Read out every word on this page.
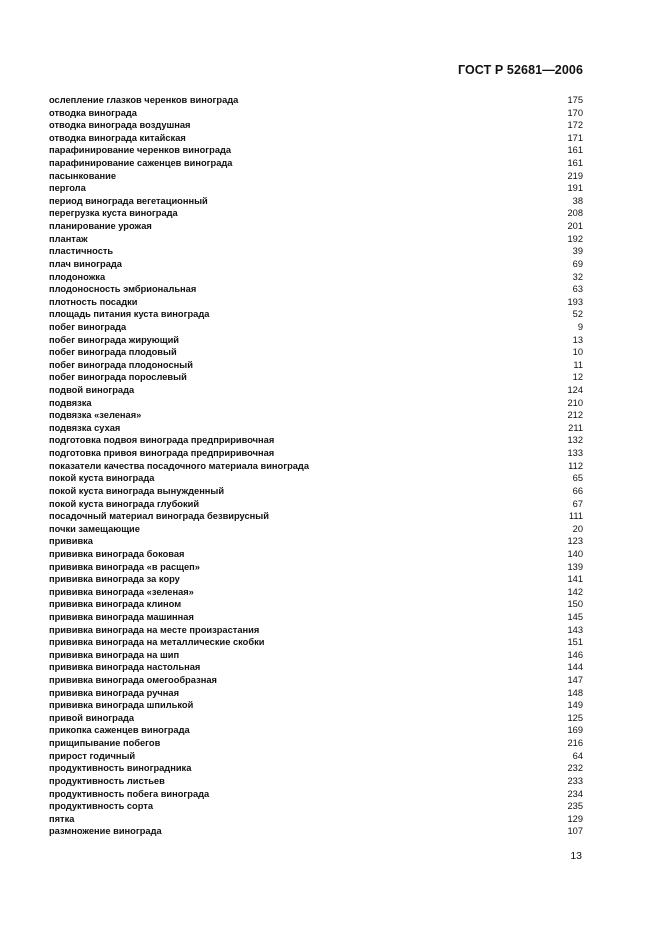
ГОСТ Р 52681—2006
ослепление глазков черенков винограда	175
отводка винограда	170
отводка винограда воздушная	172
отводка винограда китайская	171
парафинирование черенков винограда	161
парафинирование саженцев винограда	161
пасынкование	219
пергола	191
период винограда вегетационный	38
перегрузка куста винограда	208
планирование урожая	201
плантаж	192
пластичность	39
плач винограда	69
плодоножка	32
плодоносность эмбриональная	63
плотность посадки	193
площадь питания куста винограда	52
побег винограда	9
побег винограда жирующий	13
побег винограда плодовый	10
побег винограда плодоносный	11
побег винограда порослевый	12
подвой винограда	124
подвязка	210
подвязка «зеленая»	212
подвязка сухая	211
подготовка подвоя винограда предприривочная	132
подготовка привоя винограда предприривочная	133
показатели качества посадочного материала винограда	112
покой куста винограда	65
покой куста винограда вынужденный	66
покой куста винограда глубокий	67
посадочный материал винограда безвирусный	111
почки замещающие	20
прививка	123
прививка винограда боковая	140
прививка винограда «в расщеп»	139
прививка винограда за кору	141
прививка винограда «зеленая»	142
прививка винограда клином	150
прививка винограда машинная	145
прививка винограда на месте произрастания	143
прививка винограда на металлические скобки	151
прививка винограда на шип	146
прививка винограда настольная	144
прививка винограда омегообразная	147
прививка винограда ручная	148
прививка винограда шпилькой	149
привой винограда	125
прикопка саженцев винограда	169
прищипывание побегов	216
прирост годичный	64
продуктивность виноградника	232
продуктивность листьев	233
продуктивность побега винограда	234
продуктивность сорта	235
пятка	129
размножение винограда	107
13
